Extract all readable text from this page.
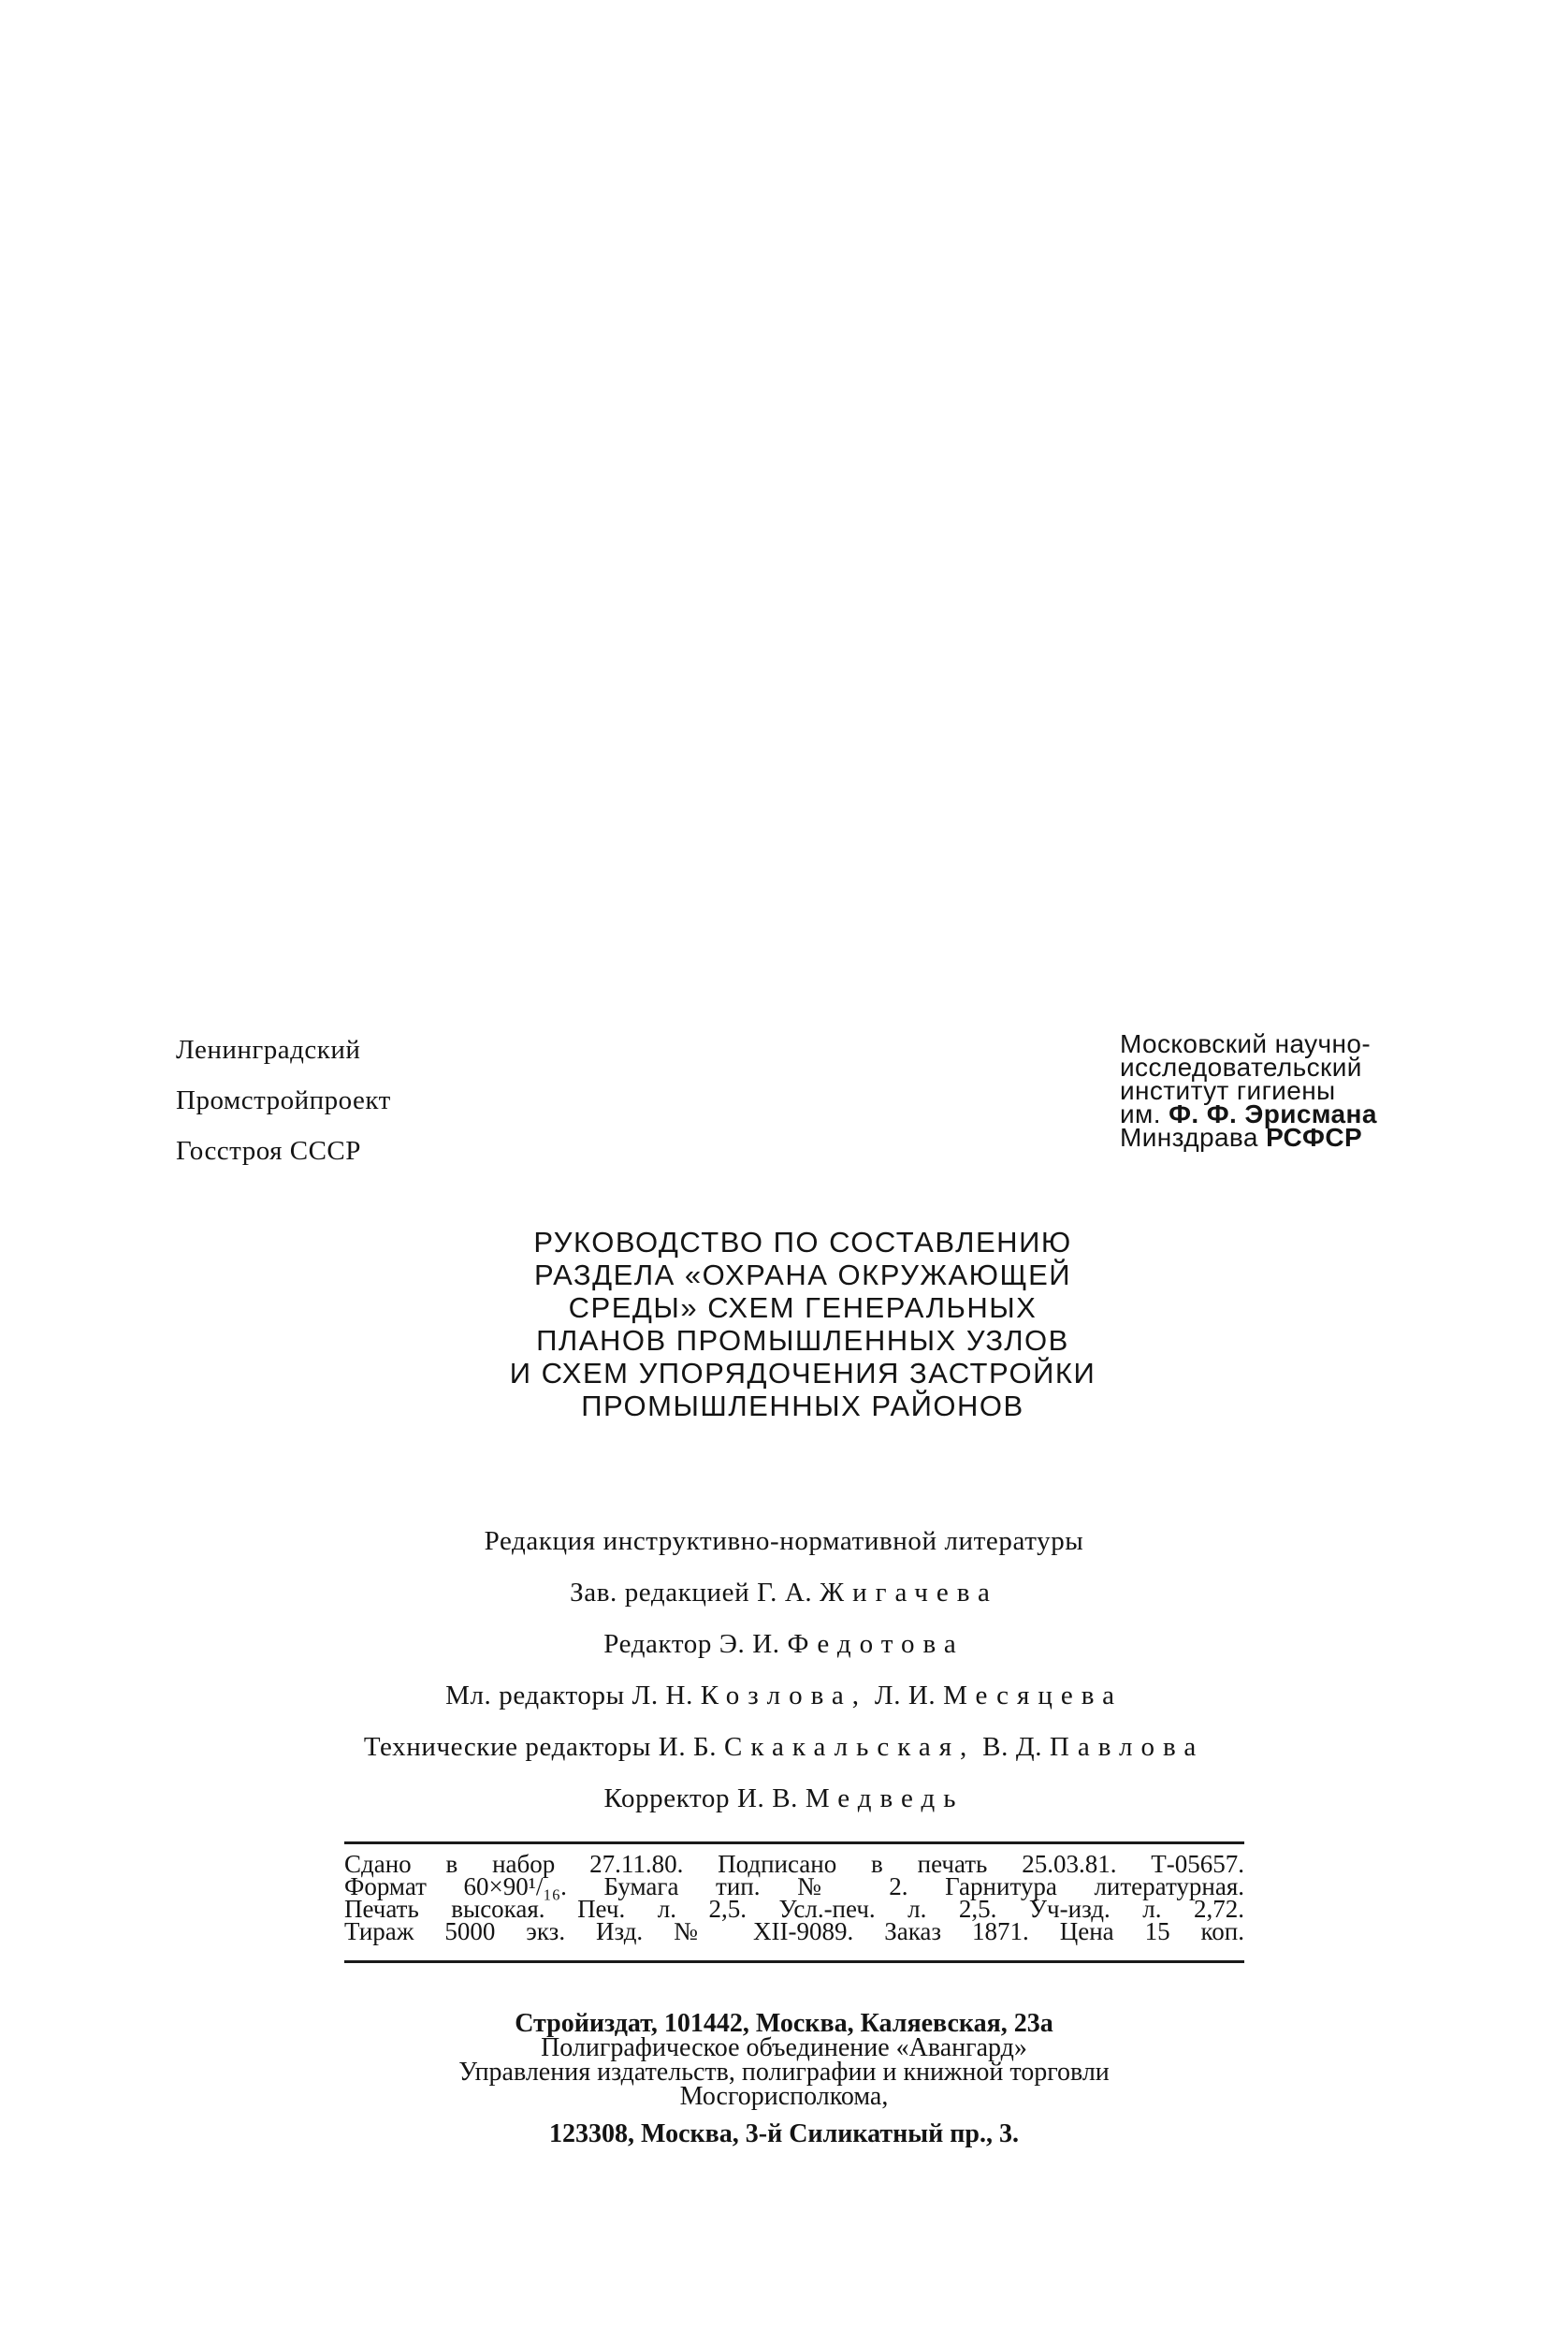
Ленинградский
Промстройпроект
Госстроя СССР
Московский научно-
исследовательский
институт гигиены
им. Ф. Ф. Эрисмана
Минздрава РСФСР
РУКОВОДСТВО ПО СОСТАВЛЕНИЮ
РАЗДЕЛА «ОХРАНА ОКРУЖАЮЩЕЙ
СРЕДЫ» СХЕМ ГЕНЕРАЛЬНЫХ
ПЛАНОВ ПРОМЫШЛЕННЫХ УЗЛОВ
И СХЕМ УПОРЯДОЧЕНИЯ ЗАСТРОЙКИ
ПРОМЫШЛЕННЫХ РАЙОНОВ
Редакция инструктивно-нормативной литературы
Зав. редакцией Г. А. Жигачева
Редактор Э. И. Федотова
Мл. редакторы Л. Н. Козлова, Л. И. Месяцева
Технические редакторы И. Б. Скакальская, В. Д. Павлова
Корректор И. В. Медведь
Сдано в набор 27.11.80. Подписано в печать 25.03.81. Т-05657.
Формат 60×90¹/₁₆. Бумага тип. № 2. Гарнитура литературная.
Печать высокая. Печ. л. 2,5. Усл.-печ. л. 2,5. Уч-изд. л. 2,72.
Тираж 5000 экз. Изд. № XII-9089. Заказ 1871. Цена 15 коп.
Стройиздат, 101442, Москва, Каляевская, 23а
Полиграфическое объединение «Авангард»
Управления издательств, полиграфии и книжной торговли
Мосгорисполкома,
123308, Москва, 3-й Силикатный пр., 3.
